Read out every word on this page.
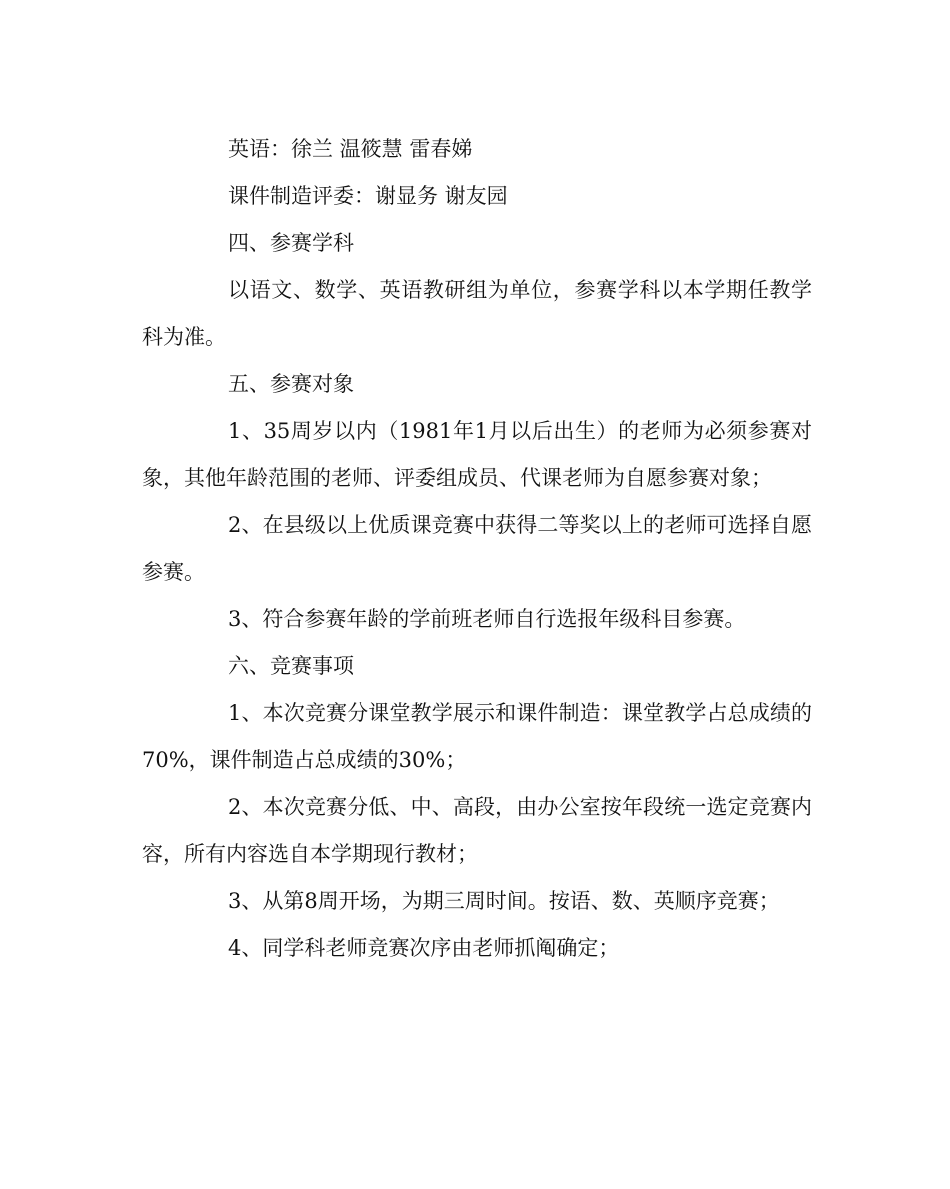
英语：徐兰 温筱慧 雷春娣

课件制造评委：谢显务 谢友园

四、参赛学科

以语文、数学、英语教研组为单位，参赛学科以本学期任教学科为准。

五、参赛对象

1、35周岁以内（1981年1月以后出生）的老师为必须参赛对象，其他年龄范围的老师、评委组成员、代课老师为自愿参赛对象；

2、在县级以上优质课竞赛中获得二等奖以上的老师可选择自愿参赛。

3、符合参赛年龄的学前班老师自行选报年级科目参赛。

六、竞赛事项

1、本次竞赛分课堂教学展示和课件制造：课堂教学占总成绩的70%，课件制造占总成绩的30%；

2、本次竞赛分低、中、高段，由办公室按年段统一选定竞赛内容，所有内容选自本学期现行教材；

3、从第8周开场，为期三周时间。按语、数、英顺序竞赛；

4、同学科老师竞赛次序由老师抓阄确定；
